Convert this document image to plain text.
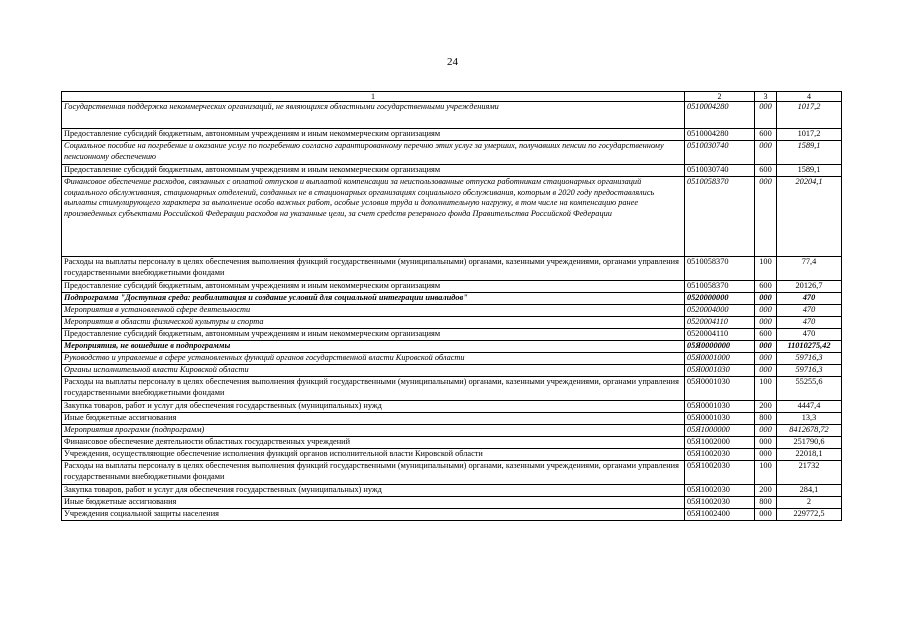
24
1	2	3	4
Государственная поддержка некоммерческих организаций, не являющихся областными государственными учреждениями	0510004280	000	1017,2
Предоставление субсидий бюджетным, автономным учреждениям и иным некоммерческим организациям	0510004280	600	1017,2
Социальное пособие на погребение и оказание услуг по погребению согласно гарантированному перечню этих услуг за умерших, получавших пенсии по государственному пенсионному обеспечению	0510030740	000	1589,1
Предоставление субсидий бюджетным, автономным учреждениям и иным некоммерческим организациям	0510030740	600	1589,1
Финансовое обеспечение расходов, связанных с оплатой отпусков и выплатой компенсации за неиспользованные отпуска работникам стационарных организаций социального обслуживания, стационарных отделений, созданных не в стационарных организациях социального обслуживания, которым в 2020 году предоставлялись выплаты стимулирующего характера за выполнение особо важных работ, особые условия труда и дополнительную нагрузку, в том числе на компенсацию ранее произведенных субъектами Российской Федерации расходов на указанные цели, за счет средств резервного фонда Правительства Российской Федерации	0510058370	000	20204,1
Расходы на выплаты персоналу в целях обеспечения выполнения функций государственными (муниципальными) органами, казенными учреждениями, органами управления государственными внебюджетными фондами	0510058370	100	77,4
Предоставление субсидий бюджетным, автономным учреждениям и иным некоммерческим организациям	0510058370	600	20126,7
Подпрограмма "Доступная среда: реабилитация и создание условий для социальной интеграции инвалидов"	0520000000	000	470
Мероприятия в установленной сфере деятельности	0520004000	000	470
Мероприятия в области физической культуры и спорта	0520004110	000	470
Предоставление субсидий бюджетным, автономным учреждениям и иным некоммерческим организациям	0520004110	600	470
Мероприятия, не вошедшие в подпрограммы	05Я0000000	000	11010275,42
Руководство и управление в сфере установленных функций органов государственной власти Кировской области	05Я0001000	000	59716,3
Органы исполнительной власти Кировской области	05Я0001030	000	59716,3
Расходы на выплаты персоналу в целях обеспечения выполнения функций государственными (муниципальными) органами, казенными учреждениями, органами управления государственными внебюджетными фондами	05Я0001030	100	55255,6
Закупка товаров, работ и услуг для обеспечения государственных (муниципальных) нужд	05Я0001030	200	4447,4
Иные бюджетные ассигнования	05Я0001030	800	13,3
Мероприятия программ (подпрограмм)	05Я1000000	000	8412678,72
Финансовое обеспечение деятельности областных государственных учреждений	05Я1002000	000	251790,6
Учреждения, осуществляющие обеспечение исполнения функций органов исполнительной власти Кировской области	05Я1002030	000	22018,1
Расходы на выплаты персоналу в целях обеспечения выполнения функций государственными (муниципальными) органами, казенными учреждениями, органами управления государственными внебюджетными фондами	05Я1002030	100	21732
Закупка товаров, работ и услуг для обеспечения государственных (муниципальных) нужд	05Я1002030	200	284,1
Иные бюджетные ассигнования	05Я1002030	800	2
Учреждения социальной защиты населения	05Я1002400	000	229772,5
